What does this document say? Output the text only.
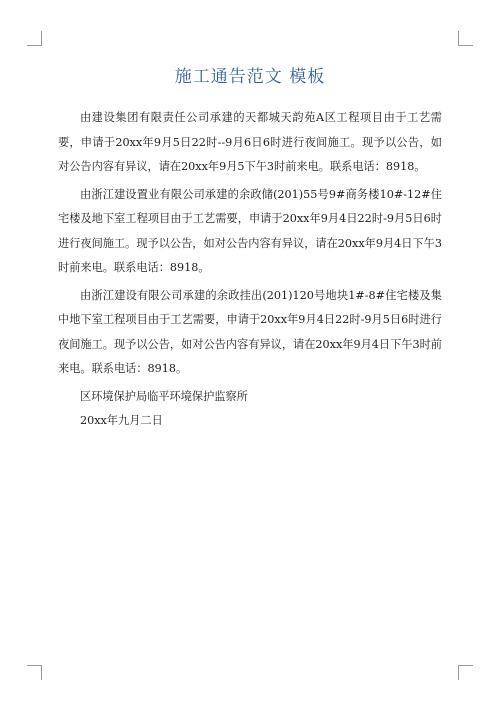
施工通告范文 模板

由建设集团有限责任公司承建的天都城天韵苑A区工程项目由于工艺需要，申请于20xx年9月5日22时--9月6日6时进行夜间施工。现予以公告，如对公告内容有异议，请在20xx年9月5下午3时前来电。联系电话：8918。

由浙江建设置业有限公司承建的余政储(201)55号9#商务楼10#-12#住宅楼及地下室工程项目由于工艺需要，申请于20xx年9月4日22时-9月5日6时进行夜间施工。现予以公告，如对公告内容有异议，请在20xx年9月4日下午3时前来电。联系电话：8918。

由浙江建设有限公司承建的余政挂出(201)120号地块1#-8#住宅楼及集中地下室工程项目由于工艺需要，申请于20xx年9月4日22时-9月5日6时进行夜间施工。现予以公告，如对公告内容有异议，请在20xx年9月4日下午3时前来电。联系电话：8918。

区环境保护局临平环境保护监察所

20xx年九月二日
